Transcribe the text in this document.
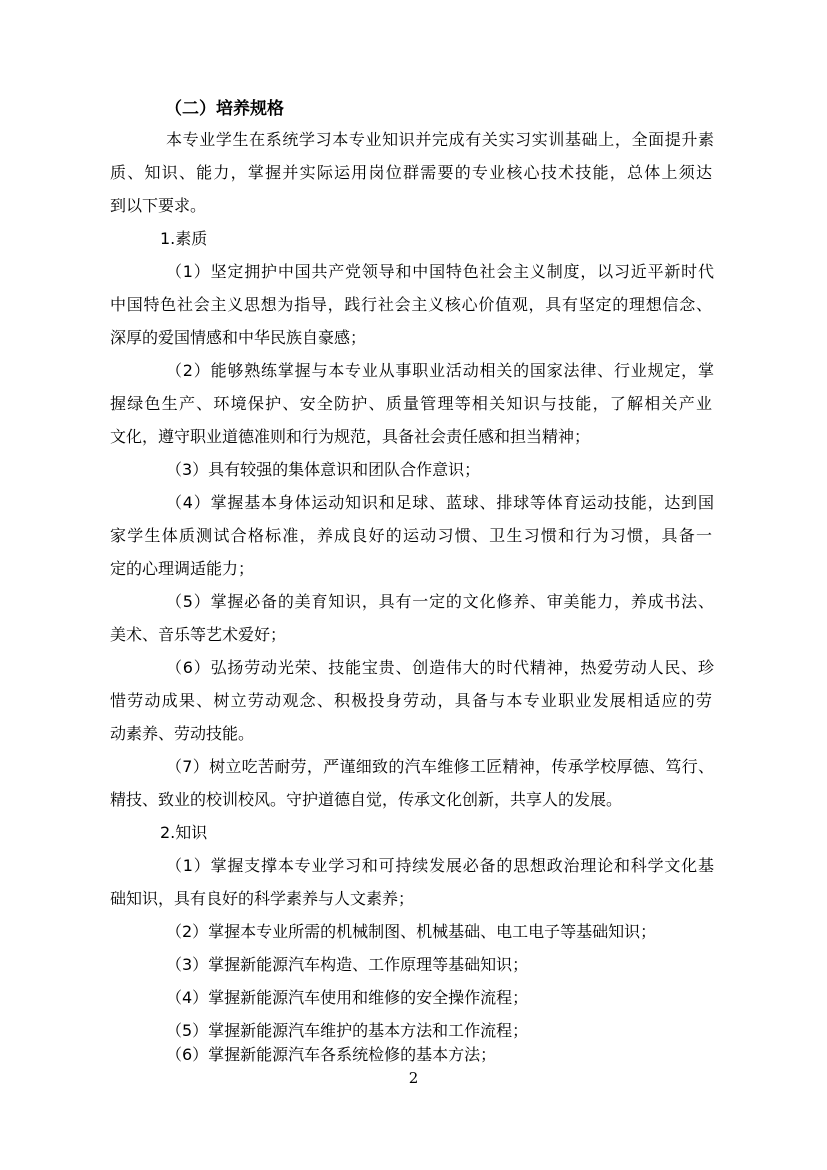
（二）培养规格
本专业学生在系统学习本专业知识并完成有关实习实训基础上，全面提升素
质、知识、能力，掌握并实际运用岗位群需要的专业核心技术技能，总体上须达
到以下要求。
1.素质
（1）坚定拥护中国共产党领导和中国特色社会主义制度，以习近平新时代
中国特色社会主义思想为指导，践行社会主义核心价值观，具有坚定的理想信念、
深厚的爱国情感和中华民族自豪感；
（2）能够熟练掌握与本专业从事职业活动相关的国家法律、行业规定，掌
握绿色生产、环境保护、安全防护、质量管理等相关知识与技能，了解相关产业
文化，遵守职业道德准则和行为规范，具备社会责任感和担当精神；
（3）具有较强的集体意识和团队合作意识；
（4）掌握基本身体运动知识和足球、蓝球、排球等体育运动技能，达到国
家学生体质测试合格标准，养成良好的运动习惯、卫生习惯和行为习惯，具备一
定的心理调适能力；
（5）掌握必备的美育知识，具有一定的文化修养、审美能力，养成书法、
美术、音乐等艺术爱好；
（6）弘扬劳动光荣、技能宝贵、创造伟大的时代精神，热爱劳动人民、珍
惜劳动成果、树立劳动观念、积极投身劳动，具备与本专业职业发展相适应的劳
动素养、劳动技能。
（7）树立吃苦耐劳，严谨细致的汽车维修工匠精神，传承学校厚德、笃行、
精技、致业的校训校风。守护道德自觉，传承文化创新，共享人的发展。
2.知识
（1）掌握支撑本专业学习和可持续发展必备的思想政治理论和科学文化基
础知识，具有良好的科学素养与人文素养；
（2）掌握本专业所需的机械制图、机械基础、电工电子等基础知识；
（3）掌握新能源汽车构造、工作原理等基础知识；
（4）掌握新能源汽车使用和维修的安全操作流程；
（5）掌握新能源汽车维护的基本方法和工作流程；
（6）掌握新能源汽车各系统检修的基本方法；
2
